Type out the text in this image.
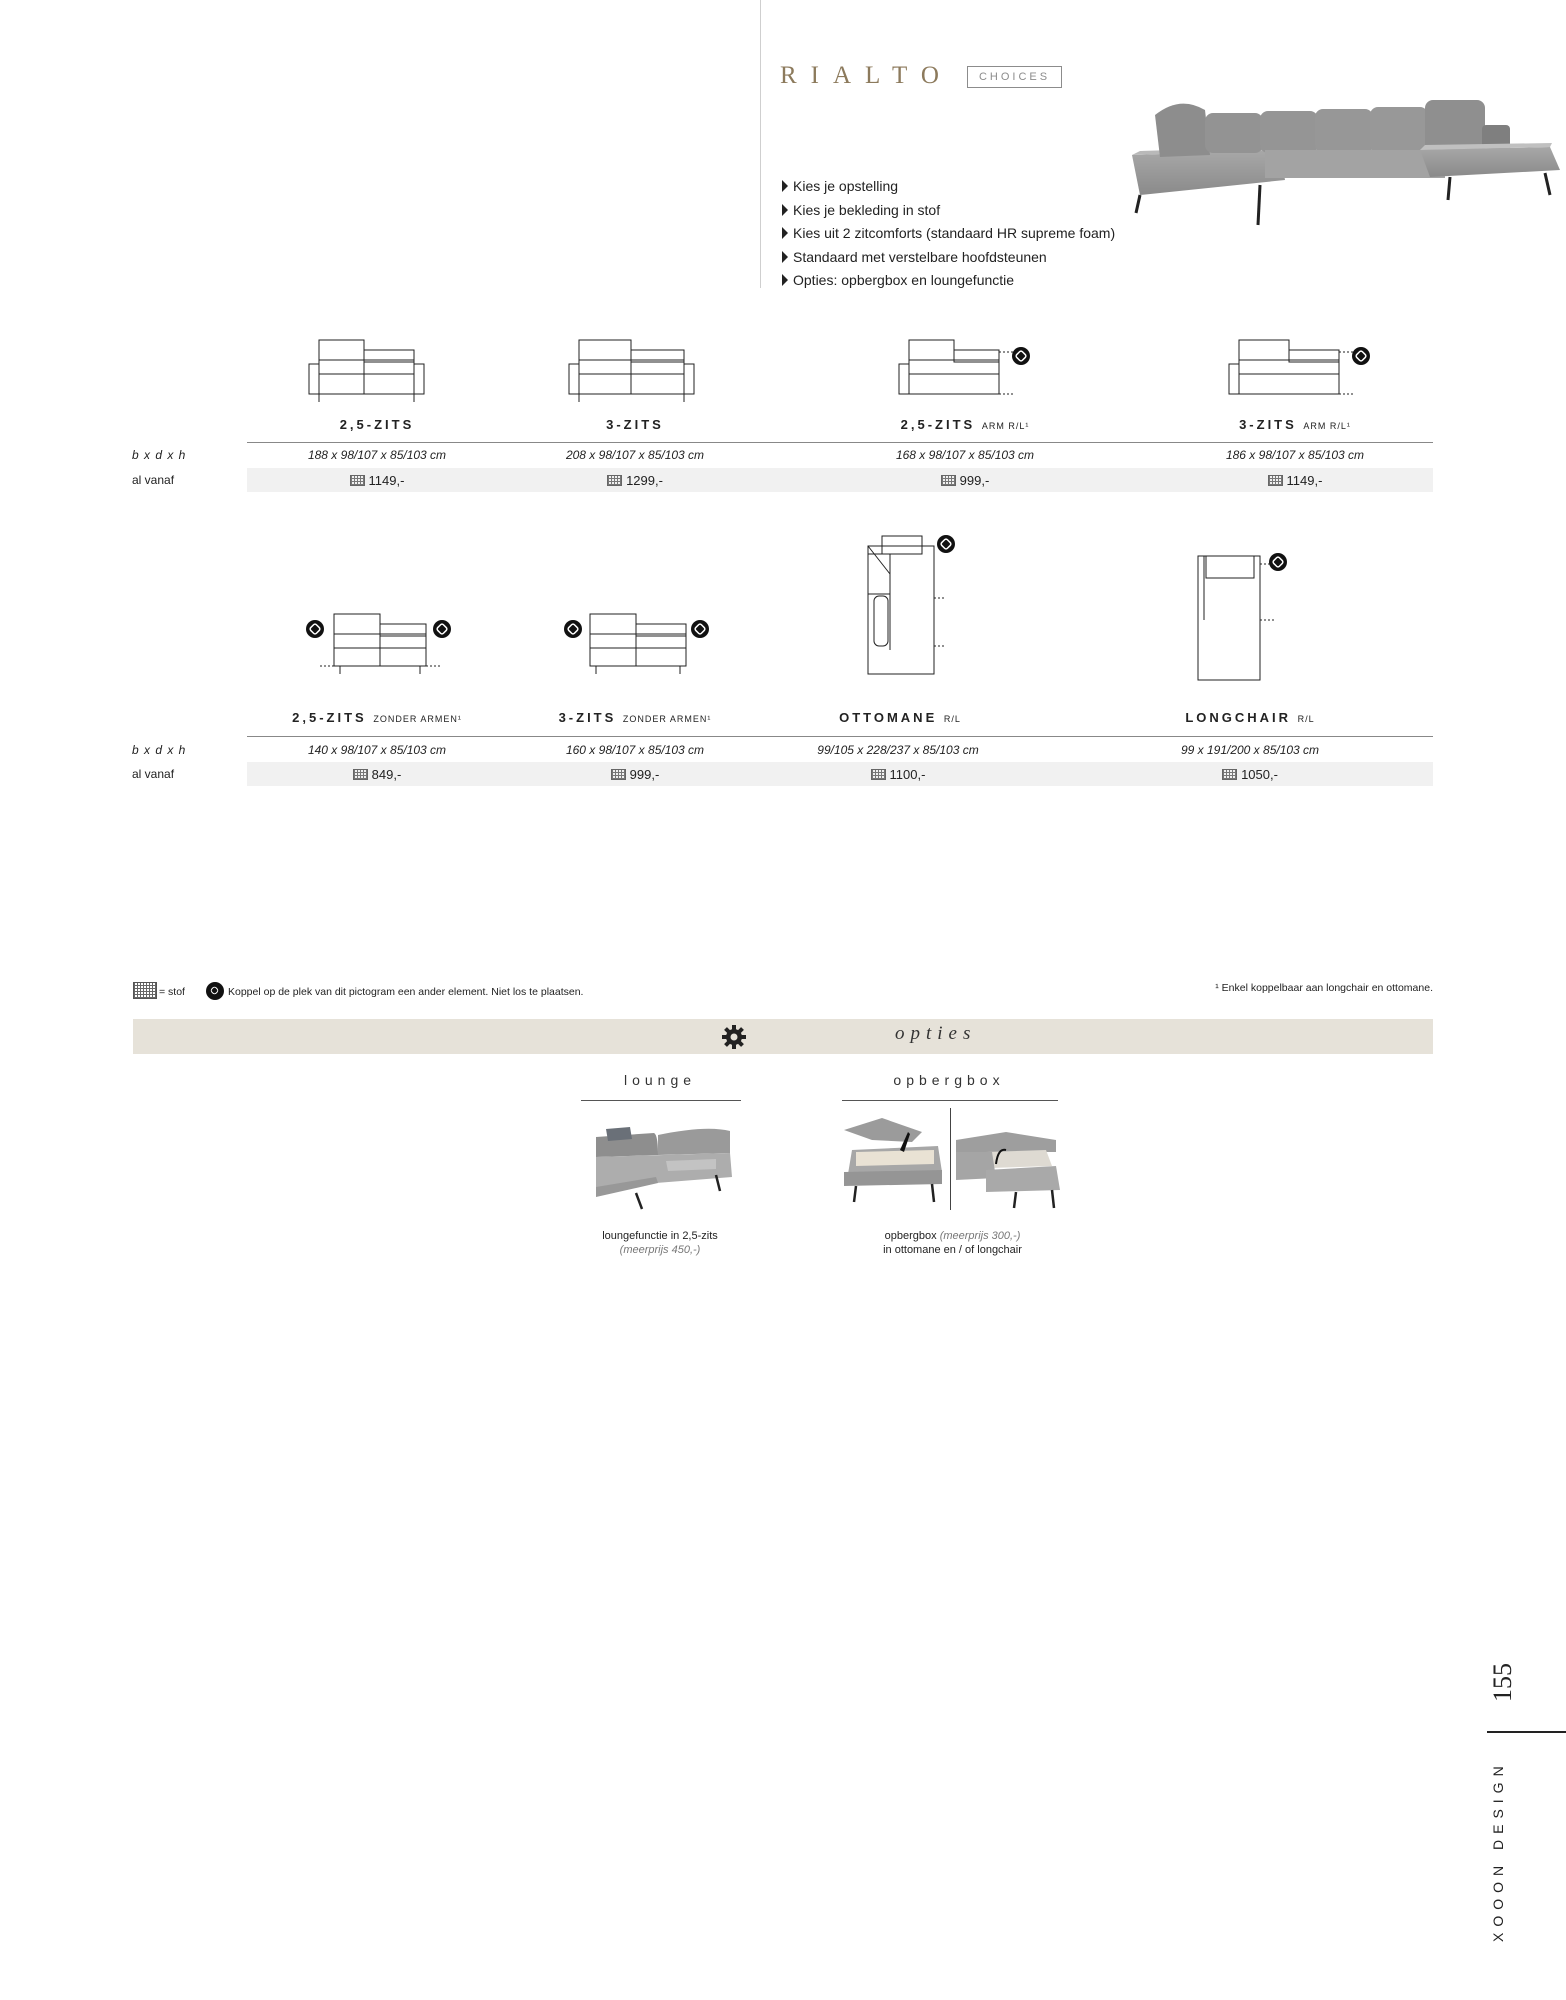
RIALTO	CHOICES
Kies je opstelling
Kies je bekleding in stof
Kies uit 2 zitcomforts (standaard HR supreme foam)
Standaard met verstelbare hoofdsteunen
Opties: opbergbox en loungefunctie
2,5-ZITS	3-ZITS	2,5-ZITS ARM R/L¹	3-ZITS ARM R/L¹
b x d x h	188 x 98/107 x 85/103 cm	208 x 98/107 x 85/103 cm	168 x 98/107 x 85/103 cm	186 x 98/107 x 85/103 cm
al vanaf	1149,-	1299,-	999,-	1149,-
2,5-ZITS ZONDER ARMEN¹	3-ZITS ZONDER ARMEN¹	OTTOMANE R/L	LONGCHAIR R/L
b x d x h	140 x 98/107 x 85/103 cm	160 x 98/107 x 85/103 cm	99/105 x 228/237 x 85/103 cm	99 x 191/200 x 85/103 cm
al vanaf	849,-	999,-	1100,-	1050,-
= stof	Koppel op de plek van dit pictogram een ander element. Niet los te plaatsen.	¹ Enkel koppelbaar aan longchair en ottomane.
opties
lounge
loungefunctie in 2,5-zits
(meerprijs 450,-)
opbergbox
opbergbox (meerprijs 300,-)
in ottomane en / of longchair
155
XOOON DESIGN
